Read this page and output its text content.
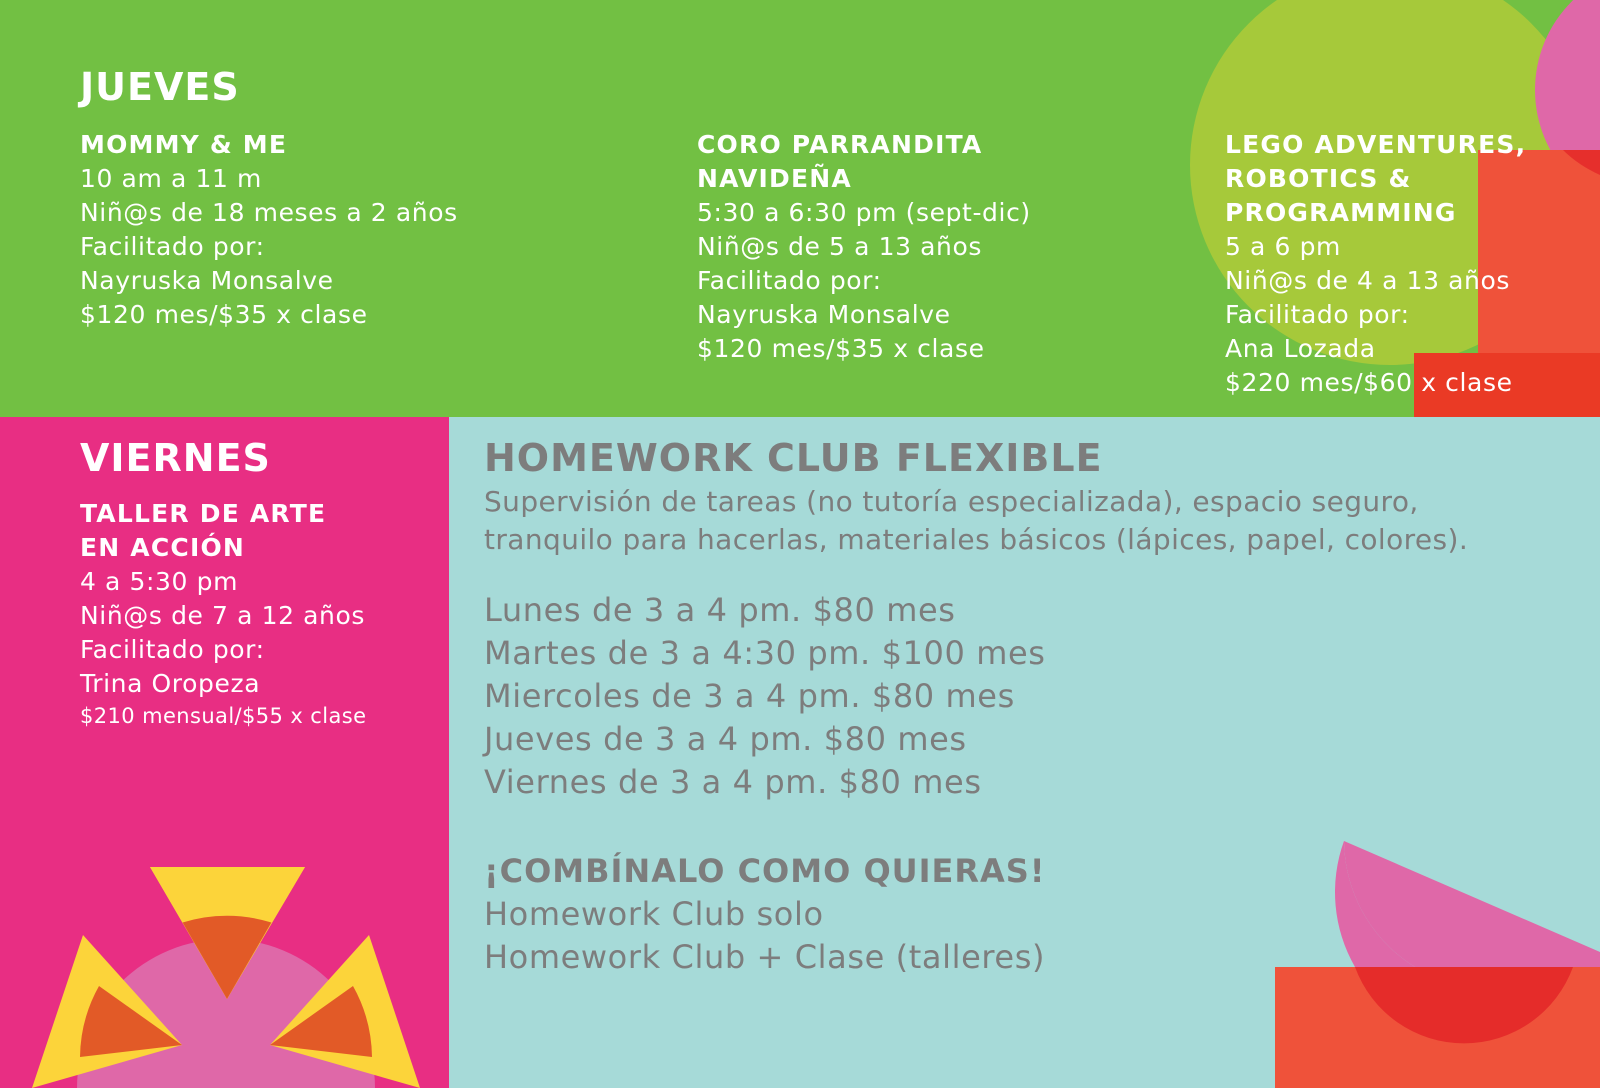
JUEVES
MOMMY & ME
10 am a 11 m
Niñ@s de 18 meses a 2 años
Facilitado por:
Nayruska Monsalve
$120 mes/$35 x clase
CORO PARRANDITA
NAVIDEÑA
5:30 a 6:30 pm (sept-dic)
Niñ@s de 5 a 13 años
Facilitado por:
Nayruska Monsalve
$120 mes/$35 x clase
LEGO ADVENTURES,
ROBOTICS &
PROGRAMMING
5 a 6 pm
Niñ@s de 4 a 13 años
Facilitado por:
Ana Lozada
$220 mes/$60 x clase
VIERNES
TALLER DE ARTE
EN ACCIÓN
4 a 5:30 pm
Niñ@s de 7 a 12 años
Facilitado por:
Trina Oropeza
$210 mensual/$55 x clase
HOMEWORK CLUB FLEXIBLE
Supervisión de tareas (no tutoría especializada), espacio seguro,
tranquilo para hacerlas, materiales básicos (lápices, papel, colores).
Lunes de 3 a 4 pm. $80 mes
Martes de 3 a 4:30 pm. $100 mes
Miercoles de 3 a 4 pm. $80 mes
Jueves de 3 a 4 pm. $80 mes
Viernes de 3 a 4 pm. $80 mes
¡COMBÍNALO COMO QUIERAS!
Homework Club solo
Homework Club + Clase (talleres)
